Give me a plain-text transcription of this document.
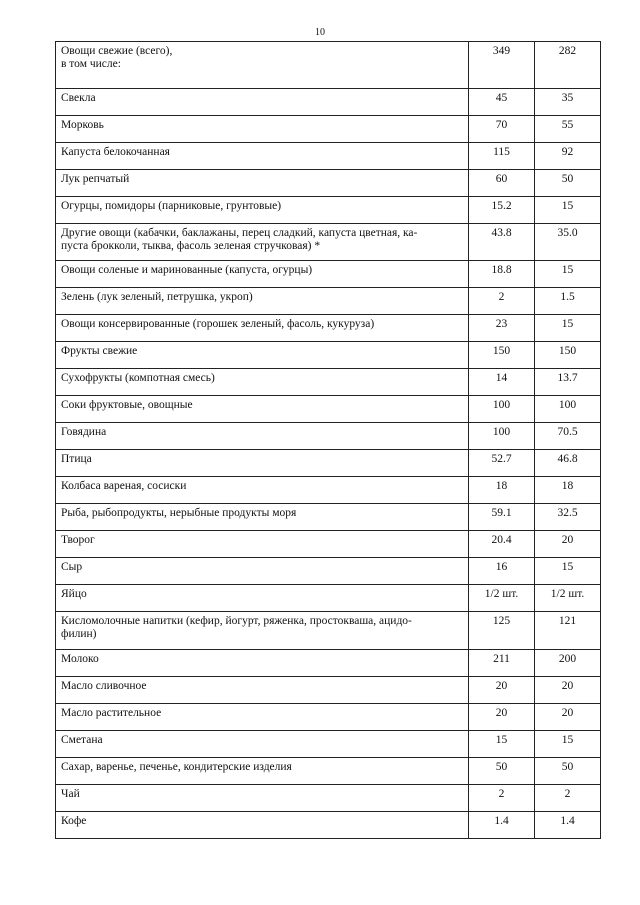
10
Овощи свежие (всего),
в том числе:	349	282
Свекла	45	35
Морковь	70	55
Капуста белокочанная	115	92
Лук репчатый	60	50
Огурцы, помидоры (парниковые, грунтовые)	15.2	15
Другие овощи (кабачки, баклажаны, перец сладкий, капуста цветная, ка-
пуста брокколи, тыква, фасоль зеленая стручковая) *	43.8	35.0
Овощи соленые и маринованные (капуста, огурцы)	18.8	15
Зелень (лук зеленый, петрушка, укроп)	2	1.5
Овощи консервированные (горошек зеленый, фасоль, кукуруза)	23	15
Фрукты свежие	150	150
Сухофрукты (компотная смесь)	14	13.7
Соки фруктовые, овощные	100	100
Говядина	100	70.5
Птица	52.7	46.8
Колбаса вареная, сосиски	18	18
Рыба, рыбопродукты, нерыбные продукты моря	59.1	32.5
Творог	20.4	20
Сыр	16	15
Яйцо	1/2 шт.	1/2 шт.
Кисломолочные напитки (кефир, йогурт, ряженка, простокваша, ацидо-
филин)	125	121
Молоко	211	200
Масло сливочное	20	20
Масло растительное	20	20
Сметана	15	15
Сахар, варенье, печенье, кондитерские изделия	50	50
Чай	2	2
Кофе	1.4	1.4
